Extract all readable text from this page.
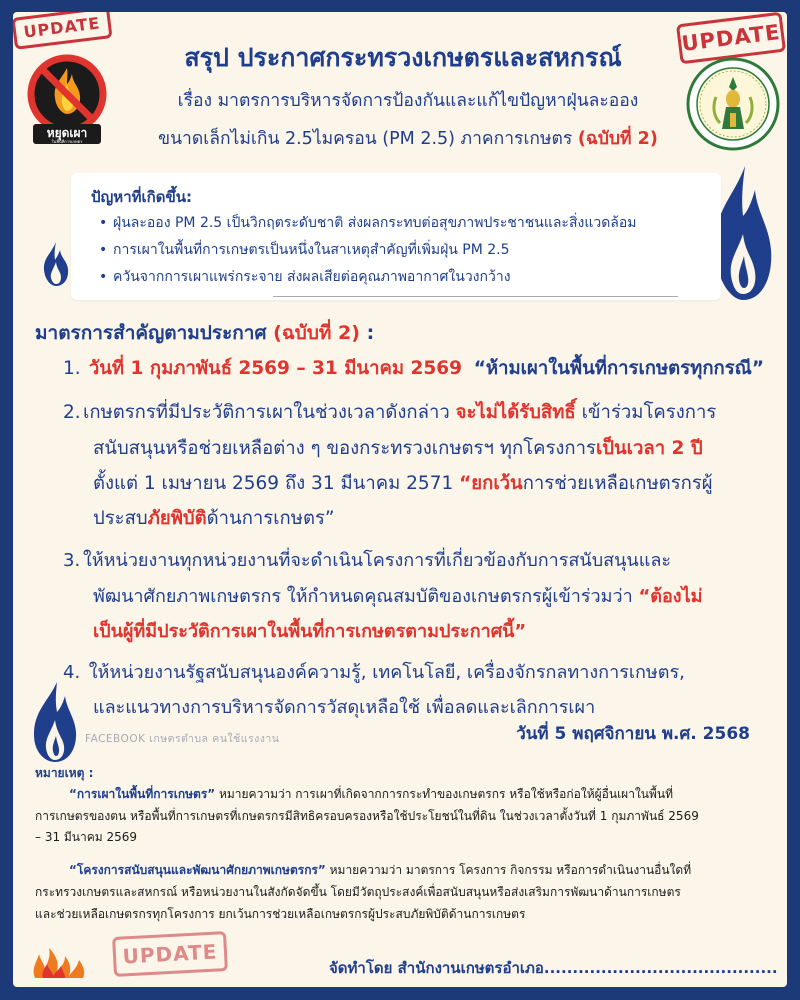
UPDATE	UPDATE
หยุดเผา
ในพื้นที่การเกษตร
สรุป ประกาศกระทรวงเกษตรและสหกรณ์

เรื่อง มาตรการบริหารจัดการป้องกันและแก้ไขปัญหาฝุ่นละออง

ขนาดเล็กไม่เกิน 2.5ไมครอน (PM 2.5) ภาคการเกษตร (ฉบับที่ 2)

ปัญหาที่เกิดขึ้น:
• ฝุ่นละออง PM 2.5 เป็นวิกฤตระดับชาติ ส่งผลกระทบต่อสุขภาพประชาชนและสิ่งแวดล้อม
• การเผาในพื้นที่การเกษตรเป็นหนึ่งในสาเหตุสำคัญที่เพิ่มฝุ่น PM 2.5
• ควันจากการเผาแพร่กระจาย ส่งผลเสียต่อคุณภาพอากาศในวงกว้าง
มาตรการสำคัญตามประกาศ (ฉบับที่ 2) :

1. วันที่ 1 กุมภาพันธ์ 2569 – 31 มีนาคม 2569 “ห้ามเผาในพื้นที่การเกษตรทุกกรณี”

2. เกษตรกรที่มีประวัติการเผาในช่วงเวลาดังกล่าว จะไม่ได้รับสิทธิ์ เข้าร่วมโครงการ

สนับสนุนหรือช่วยเหลือต่าง ๆ ของกระทรวงเกษตรฯ ทุกโครงการเป็นเวลา 2 ปี

ตั้งแต่ 1 เมษายน 2569 ถึง 31 มีนาคม 2571 “ยกเว้นการช่วยเหลือเกษตรกรผู้

ประสบภัยพิบัติด้านการเกษตร”

3. ให้หน่วยงานทุกหน่วยงานที่จะดำเนินโครงการที่เกี่ยวข้องกับการสนับสนุนและ

พัฒนาศักยภาพเกษตรกร ให้กำหนดคุณสมบัติของเกษตรกรผู้เข้าร่วมว่า “ต้องไม่

เป็นผู้ที่มีประวัติการเผาในพื้นที่การเกษตรตามประกาศนี้”

4. ให้หน่วยงานรัฐสนับสนุนองค์ความรู้, เทคโนโลยี, เครื่องจักรกลทางการเกษตร,

และแนวทางการบริหารจัดการวัสดุเหลือใช้ เพื่อลดและเลิกการเผา

FACEBOOK เกษตรตำบล คนใช้แรงงาน	วันที่ 5 พฤศจิกายน พ.ศ. 2568
หมายเหตุ :

“การเผาในพื้นที่การเกษตร” หมายความว่า การเผาที่เกิดจากการกระทำของเกษตรกร หรือใช้หรือก่อให้ผู้อื่นเผาในพื้นที่

การเกษตรของตน หรือพื้นที่การเกษตรที่เกษตรกรมีสิทธิครอบครองหรือใช้ประโยชน์ในที่ดิน ในช่วงเวลาตั้งวันที่ 1 กุมภาพันธ์ 2569

– 31 มีนาคม 2569

“โครงการสนับสนุนและพัฒนาศักยภาพเกษตรกร” หมายความว่า มาตรการ โครงการ กิจกรรม หรือการดำเนินงานอื่นใดที่

กระทรวงเกษตรและสหกรณ์ หรือหน่วยงานในสังกัดจัดขึ้น โดยมีวัตถุประสงค์เพื่อสนับสนุนหรือส่งเสริมการพัฒนาด้านการเกษตร

และช่วยเหลือเกษตรกรทุกโครงการ ยกเว้นการช่วยเหลือเกษตรกรผู้ประสบภัยพิบัติด้านการเกษตร

UPDATE	จัดทำโดย สำนักงานเกษตรอำเภอ.........................................
